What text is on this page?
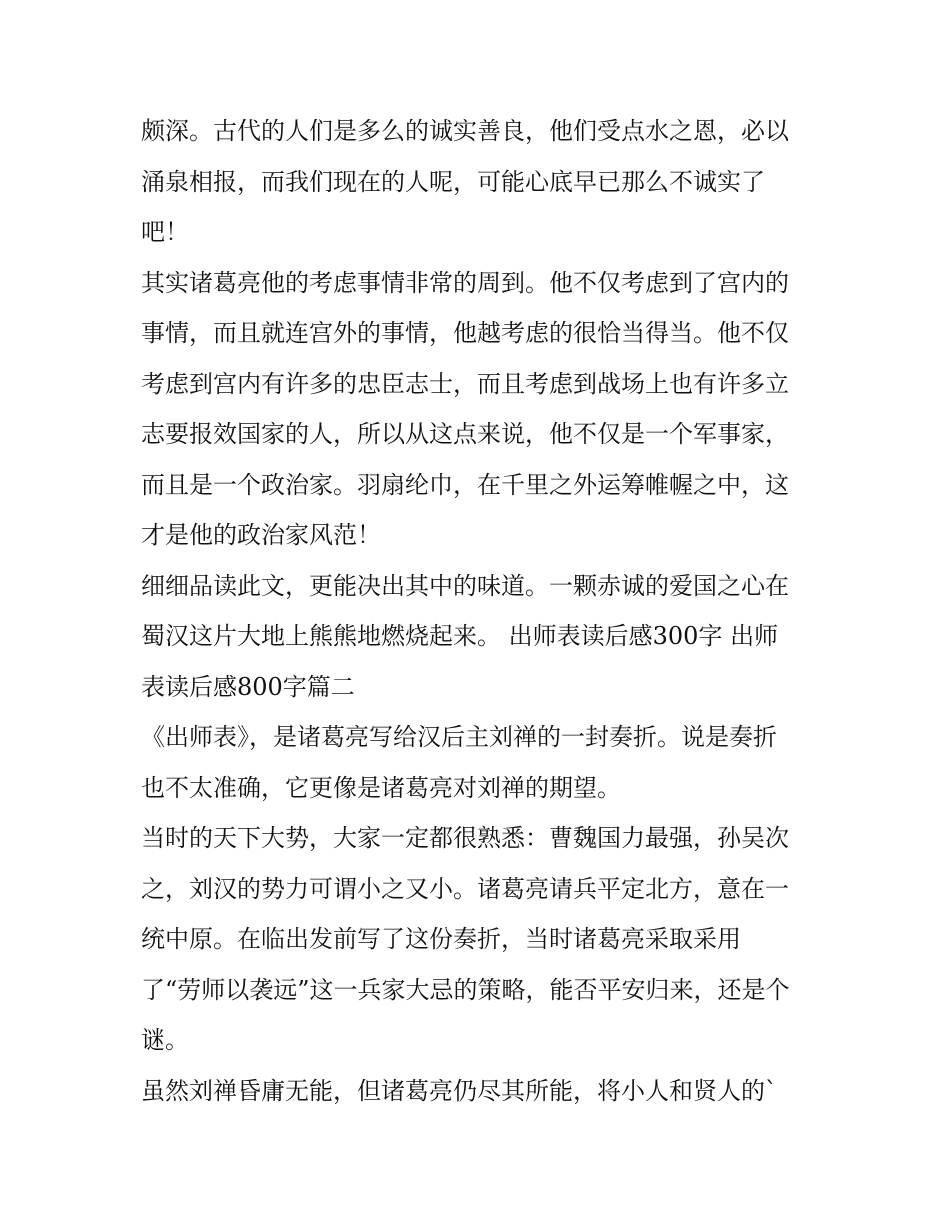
颇深。古代的人们是多么的诚实善良，他们受点水之恩，必以
涌泉相报，而我们现在的人呢，可能心底早已那么不诚实了
吧！
其实诸葛亮他的考虑事情非常的周到。他不仅考虑到了宫内的
事情，而且就连宫外的事情，他越考虑的很恰当得当。他不仅
考虑到宫内有许多的忠臣志士，而且考虑到战场上也有许多立
志要报效国家的人，所以从这点来说，他不仅是一个军事家，
而且是一个政治家。羽扇纶巾，在千里之外运筹帷幄之中，这
才是他的政治家风范！
细细品读此文，更能决出其中的味道。一颗赤诚的爱国之心在
蜀汉这片大地上熊熊地燃烧起来。 出师表读后感300字 出师
表读后感800字篇二
《出师表》，是诸葛亮写给汉后主刘禅的一封奏折。说是奏折
也不太准确，它更像是诸葛亮对刘禅的期望。
当时的天下大势，大家一定都很熟悉：曹魏国力最强，孙吴次
之，刘汉的势力可谓小之又小。诸葛亮请兵平定北方，意在一
统中原。在临出发前写了这份奏折，当时诸葛亮采取采用
了“劳师以袭远”这一兵家大忌的策略，能否平安归来，还是个
谜。
虽然刘禅昏庸无能，但诸葛亮仍尽其所能，将小人和贤人的`
